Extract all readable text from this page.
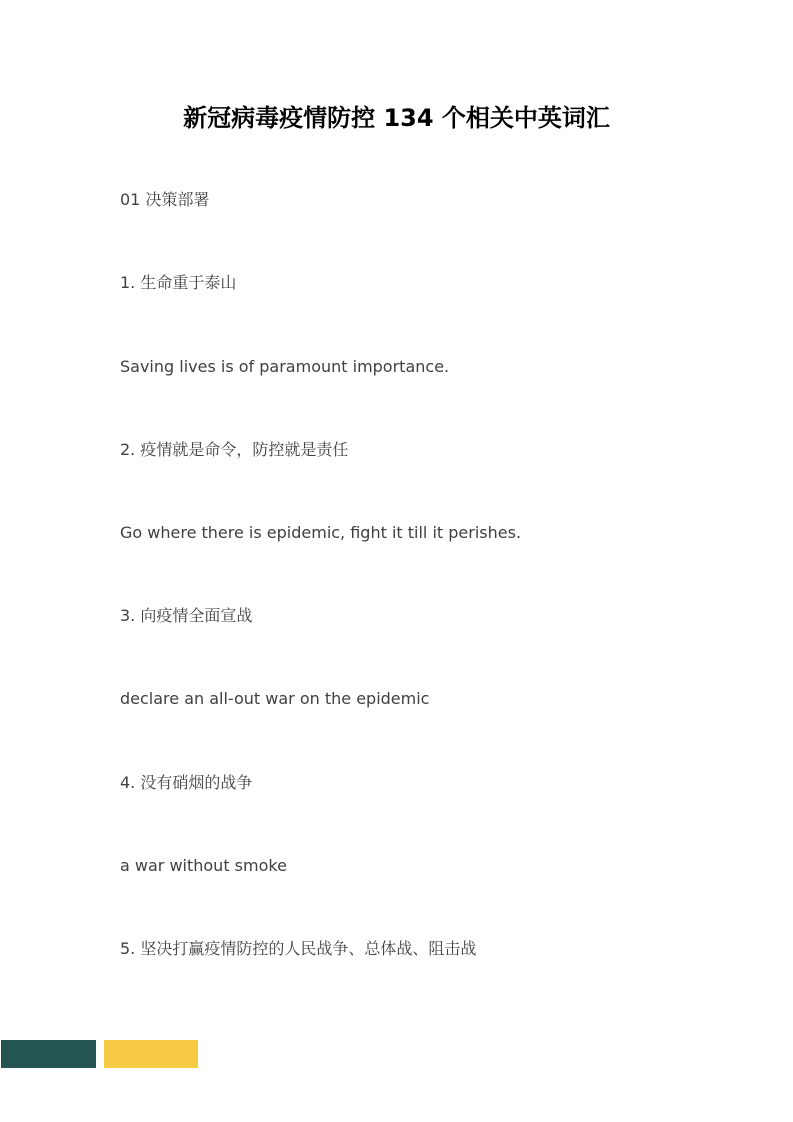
新冠病毒疫情防控 134 个相关中英词汇

01 决策部署

1. 生命重于泰山

Saving lives is of paramount importance.

2. 疫情就是命令，防控就是责任

Go where there is epidemic, fight it till it perishes.

3. 向疫情全面宣战

declare an all-out war on the epidemic

4. 没有硝烟的战争

a war without smoke

5. 坚决打赢疫情防控的人民战争、总体战、阻击战
